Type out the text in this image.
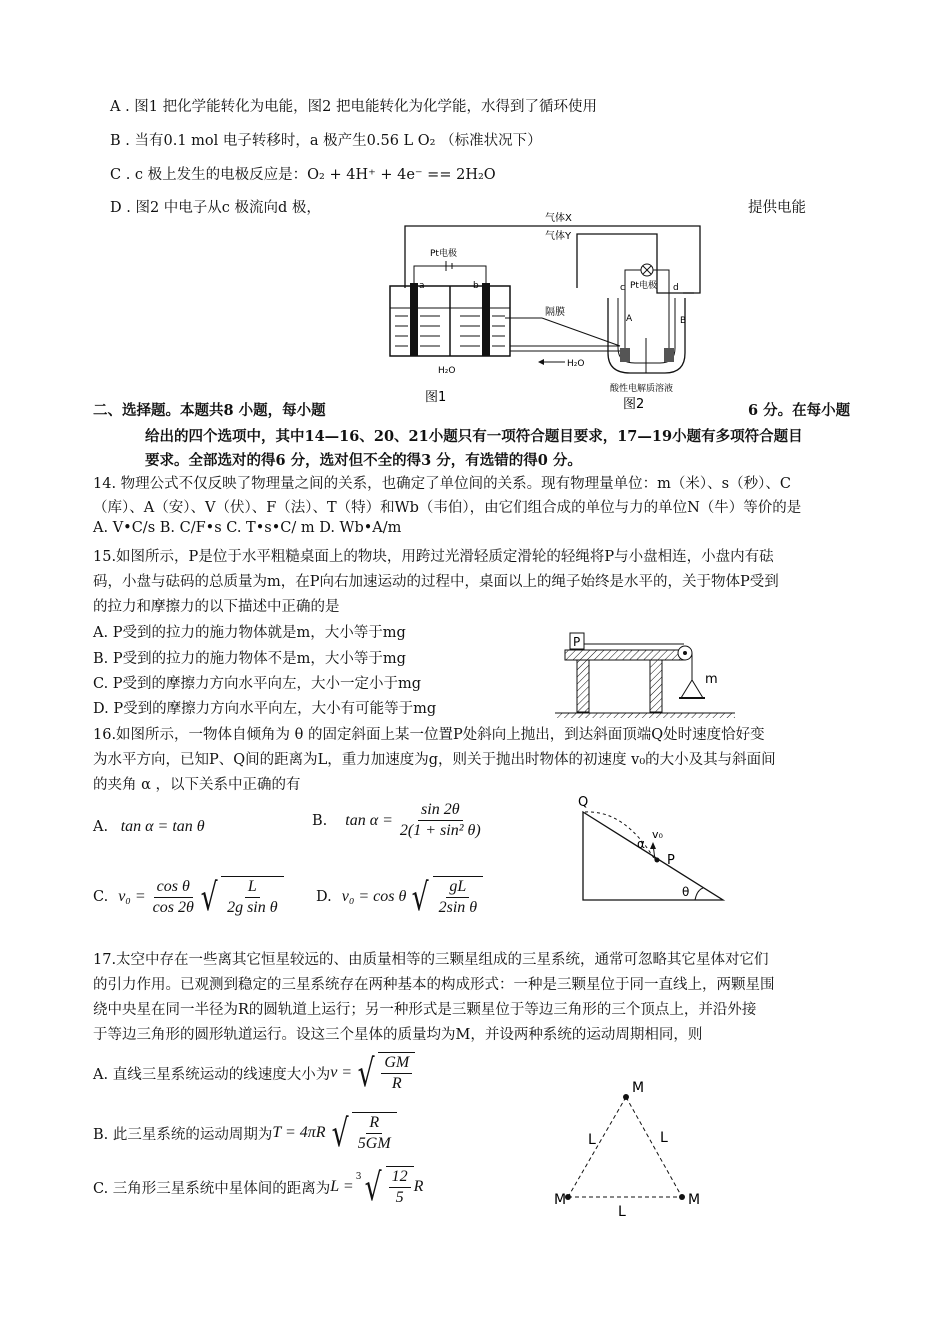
A . 图1 把化学能转化为电能，图2 把电能转化为化学能，水得到了循环使用
B . 当有0.1 mol 电子转移时，a 极产生0.56 L O₂ （标准状况下）
C . c 极上发生的电极反应是：O₂ + 4H⁺ + 4e⁻ == 2H₂O
D . 图2 中电子从c 极流向d 极，	提供电能
气体X
气体Y
Pt电极
a	b
H₂O
H₂O
隔膜
Pt电极
c	d
A	B
酸性电解质溶液
图1	图2
二、选择题。本题共8 小题，每小题	6 分。在每小题
给出的四个选项中，其中14—16、20、21小题只有一项符合题目要求，17—19小题有多项符合题目
要求。全部选对的得6 分，选对但不全的得3 分，有选错的得0 分。
14. 物理公式不仅反映了物理量之间的关系，也确定了单位间的关系。现有物理量单位：m（米）、s（秒）、C
（库）、A（安）、V（伏）、F（法）、T（特）和Wb（韦伯），由它们组合成的单位与力的单位N（牛）等价的是
A. V•C/s B. C/F•s C. T•s•C/ m D. Wb•A/m
15.如图所示，P是位于水平粗糙桌面上的物块，用跨过光滑轻质定滑轮的轻绳将P与小盘相连，小盘内有砝
码，小盘与砝码的总质量为m，在P向右加速运动的过程中，桌面以上的绳子始终是水平的，关于物体P受到
的拉力和摩擦力的以下描述中正确的是
A. P受到的拉力的施力物体就是m，大小等于mg
B. P受到的拉力的施力物体不是m，大小等于mg
C. P受到的摩擦力方向水平向左，大小一定小于mg
D. P受到的摩擦力方向水平向左，大小有可能等于mg
P
m
16.如图所示，一物体自倾角为 θ 的固定斜面上某一位置P处斜向上抛出，到达斜面顶端Q处时速度恰好变
为水平方向，已知P、Q间的距离为L，重力加速度为g，则关于抛出时物体的初速度 v₀的大小及其与斜面间
的夹角 α ，以下关系中正确的有
A. tan α = tan θ	B. $\tan \alpha = \frac{\sin 2\theta}{\text{2(1 + sin² θ)}}$
C. $v_0 = \frac{\text{cos θ}}{\cos 2\theta}$ √ $\frac{L}{\text{2g sin θ}} D$. v₀ = cos θ √ $\frac{gL}{\text{2sin θ}}$
Q
v₀
α
P
θ
17.太空中存在一些离其它恒星较远的、由质量相等的三颗星组成的三星系统，通常可忽略其它星体对它们
的引力作用。已观测到稳定的三星系统存在两种基本的构成形式：一种是三颗星位于同一直线上，两颗星围
绕中央星在同一半径为R的圆轨道上运行；另一种形式是三颗星位于等边三角形的三个顶点上，并沿外接
于等边三角形的圆形轨道运行。设这三个星体的质量均为M，并设两种系统的运动周期相同，则
A. 直线三星系统运动的线速度大小为 v = √ $\frac{GM}{R}$
B. 此三星系统的运动周期为 T = 4πR √ $\frac{R}{5GM}$
C. 三角形三星系统中星体间的距离为 L =
3 √ $\frac{12}{5}$ R
M
M	M
L	L
L
